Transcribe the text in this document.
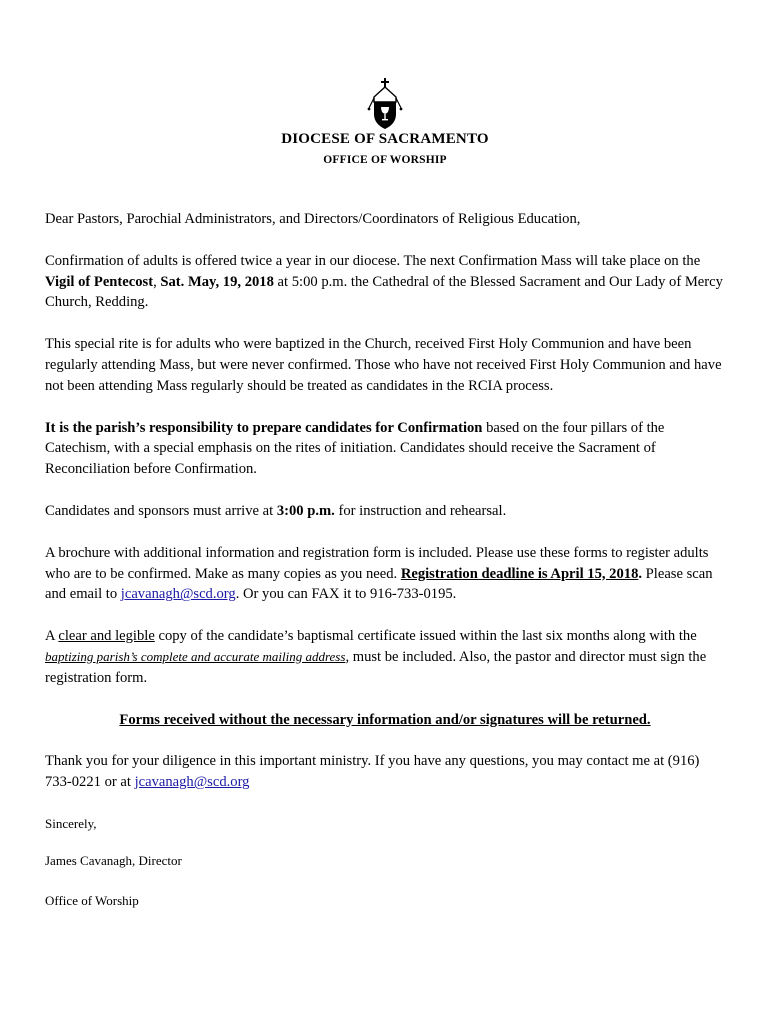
DIOCESE OF SACRAMENTO
OFFICE OF WORSHIP

Dear Pastors, Parochial Administrators, and Directors/Coordinators of Religious Education,

Confirmation of adults is offered twice a year in our diocese. The next Confirmation Mass will take place on the Vigil of Pentecost, Sat. May, 19, 2018 at 5:00 p.m. the Cathedral of the Blessed Sacrament and Our Lady of Mercy Church, Redding.

This special rite is for adults who were baptized in the Church, received First Holy Communion and have been regularly attending Mass, but were never confirmed. Those who have not received First Holy Communion and have not been attending Mass regularly should be treated as candidates in the RCIA process.

It is the parish’s responsibility to prepare candidates for Confirmation based on the four pillars of the Catechism, with a special emphasis on the rites of initiation. Candidates should receive the Sacrament of Reconciliation before Confirmation.

Candidates and sponsors must arrive at 3:00 p.m. for instruction and rehearsal.

A brochure with additional information and registration form is included. Please use these forms to register adults who are to be confirmed. Make as many copies as you need. Registration deadline is April 15, 2018. Please scan and email to jcavanagh@scd.org. Or you can FAX it to 916-733-0195.

A clear and legible copy of the candidate’s baptismal certificate issued within the last six months along with the baptizing parish’s complete and accurate mailing address, must be included. Also, the pastor and director must sign the registration form.

Forms received without the necessary information and/or signatures will be returned.

Thank you for your diligence in this important ministry. If you have any questions, you may contact me at (916) 733-0221 or at jcavanagh@scd.org

Sincerely,

James Cavanagh, Director

Office of Worship
